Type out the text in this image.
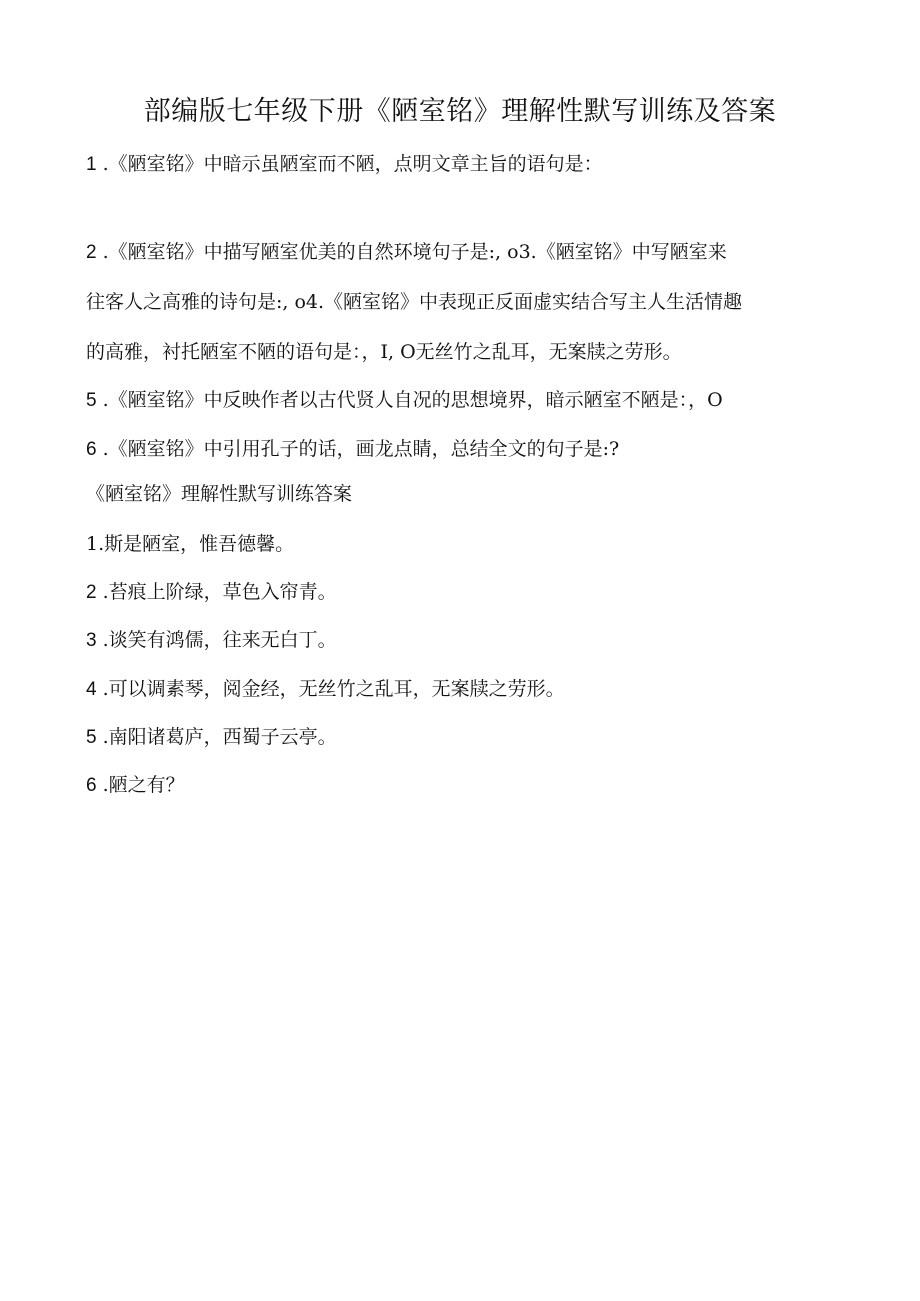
部编版七年级下册《陋室铭》理解性默写训练及答案
1 .《陋室铭》中暗示虽陋室而不陋，点明文章主旨的语句是：
2 .《陋室铭》中描写陋室优美的自然环境句子是:, o3.《陋室铭》中写陋室来
往客人之高雅的诗句是:, o4.《陋室铭》中表现正反面虚实结合写主人生活情趣
的高雅，衬托陋室不陋的语句是：，I, O无丝竹之乱耳，无案牍之劳形。
5 .《陋室铭》中反映作者以古代贤人自况的思想境界，暗示陋室不陋是：，O
6 .《陋室铭》中引用孔子的话，画龙点睛，总结全文的句子是:?
《陋室铭》理解性默写训练答案
1.斯是陋室，惟吾德馨。
2 .苔痕上阶绿，草色入帘青。
3 .谈笑有鸿儒，往来无白丁。
4 .可以调素琴，阅金经，无丝竹之乱耳，无案牍之劳形。
5 .南阳诸葛庐，西蜀子云亭。
6 .陋之有？
